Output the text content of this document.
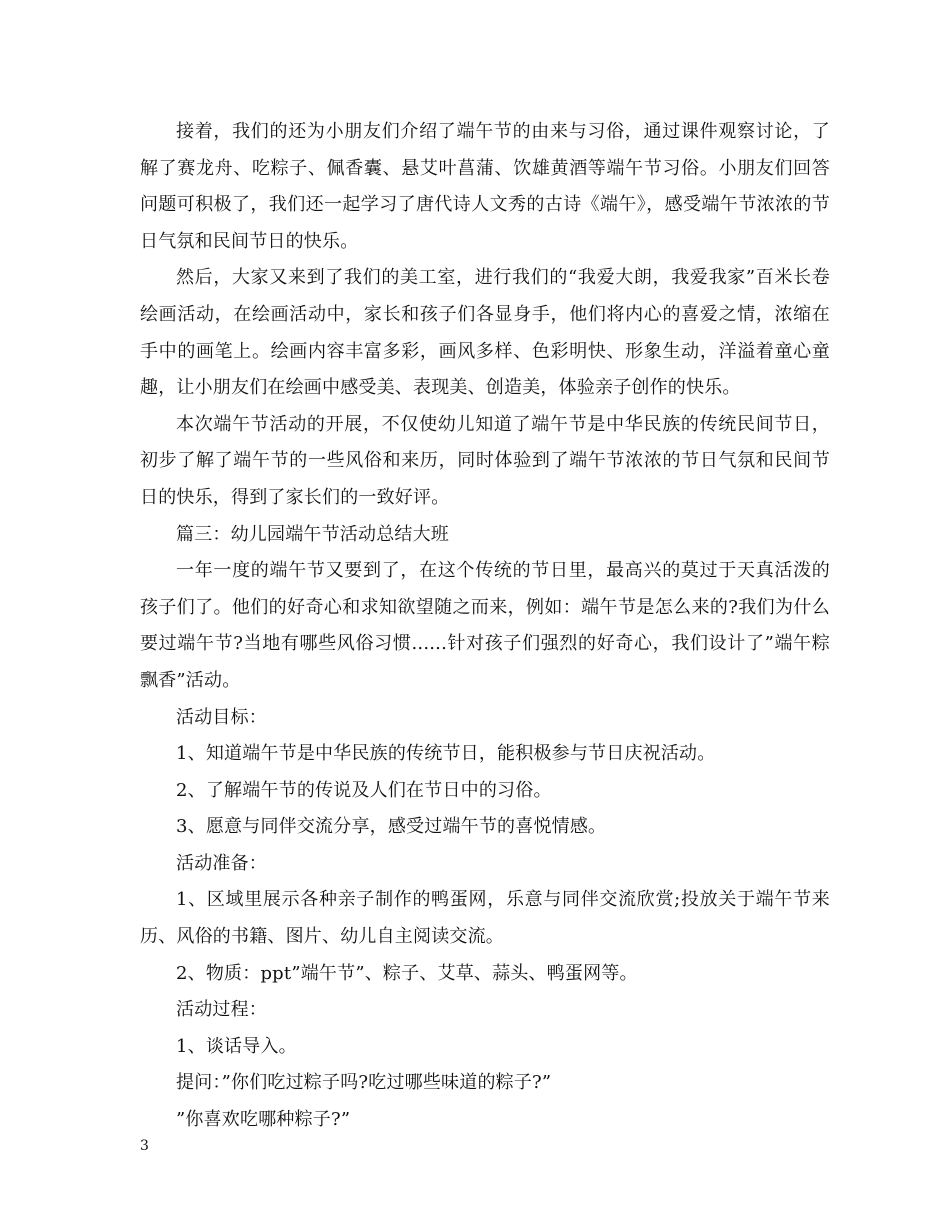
接着，我们的还为小朋友们介绍了端午节的由来与习俗，通过课件观察讨论，了解了赛龙舟、吃粽子、佩香囊、悬艾叶菖蒲、饮雄黄酒等端午节习俗。小朋友们回答问题可积极了，我们还一起学习了唐代诗人文秀的古诗《端午》，感受端午节浓浓的节日气氛和民间节日的快乐。

然后，大家又来到了我们的美工室，进行我们的“我爱大朗，我爱我家”百米长卷绘画活动，在绘画活动中，家长和孩子们各显身手，他们将内心的喜爱之情，浓缩在手中的画笔上。绘画内容丰富多彩，画风多样、色彩明快、形象生动，洋溢着童心童趣，让小朋友们在绘画中感受美、表现美、创造美，体验亲子创作的快乐。

本次端午节活动的开展，不仅使幼儿知道了端午节是中华民族的传统民间节日，初步了解了端午节的一些风俗和来历，同时体验到了端午节浓浓的节日气氛和民间节日的快乐，得到了家长们的一致好评。

篇三：幼儿园端午节活动总结大班

一年一度的端午节又要到了，在这个传统的节日里，最高兴的莫过于天真活泼的孩子们了。他们的好奇心和求知欲望随之而来，例如：端午节是怎么来的?我们为什么要过端午节?当地有哪些风俗习惯......针对孩子们强烈的好奇心，我们设计了”端午粽飘香”活动。

活动目标：

1、知道端午节是中华民族的传统节日，能积极参与节日庆祝活动。

2、了解端午节的传说及人们在节日中的习俗。

3、愿意与同伴交流分享，感受过端午节的喜悦情感。

活动准备：

1、区域里展示各种亲子制作的鸭蛋网，乐意与同伴交流欣赏;投放关于端午节来历、风俗的书籍、图片、幼儿自主阅读交流。

2、物质：ppt”端午节”、粽子、艾草、蒜头、鸭蛋网等。

活动过程：

1、谈话导入。

提问：”你们吃过粽子吗?吃过哪些味道的粽子?”

”你喜欢吃哪种粽子?”

3
